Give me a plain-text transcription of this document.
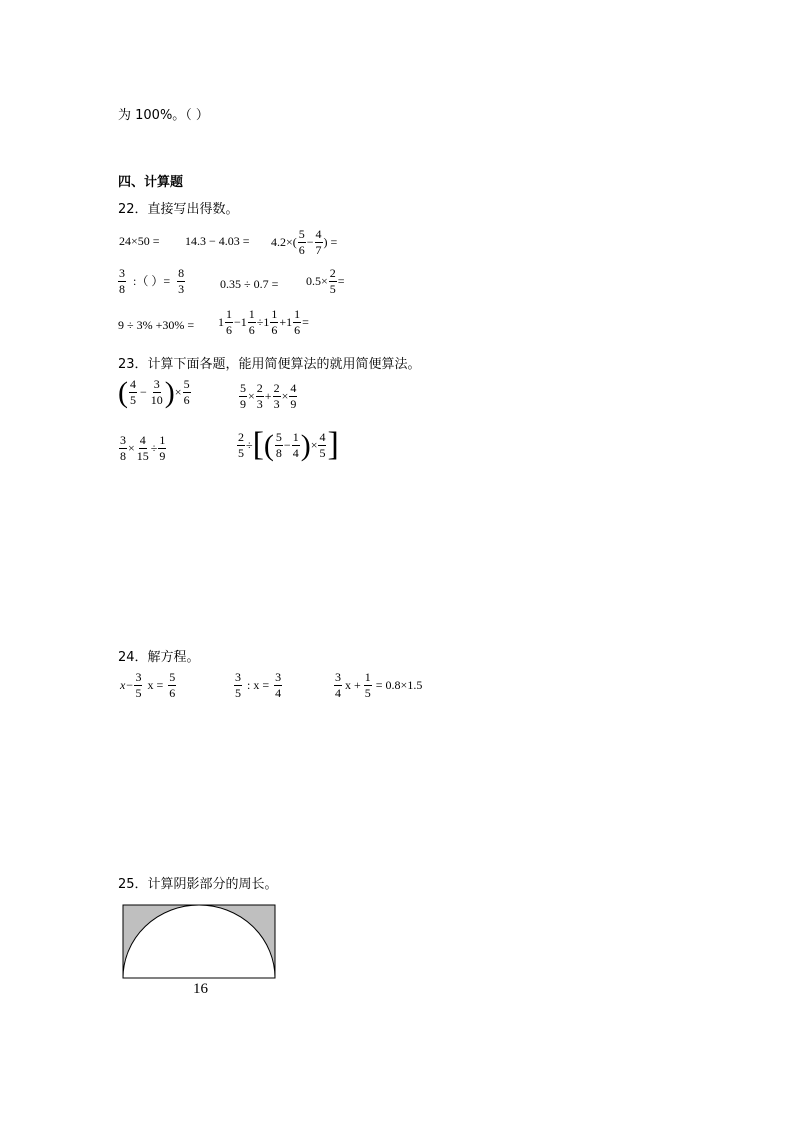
为 100%。（ ）
四、计算题
22．直接写出得数。
$24\times 50 = 14.3 - 4.03 = 4.2\times( \frac{5}{6} - \frac{4}{7}$ ) =
$\frac{3}{8}$ :（ ）= $\frac{8}{3}$	$0.35 \div 0.7 = 0.5\times \frac{2}{5}$ =
$9 \div 3\% +30\% = 1 \frac{1}{6} -1 \frac{1}{6} \div 1 \frac{1}{6} +1 \frac{1}{6}$ =
23．计算下面各题，能用简便算法的就用简便算法。
( $\frac{4}{5} - \frac{3}{10}$ ) × $\frac{5}{6}$	$\frac{5}{9} \times \frac{2}{3} + \frac{2}{3} \times \frac{4}{9}$
$\frac{3}{8} \times \frac{4}{15} \div \frac{1}{9}$	$\frac{2}{5}$ ÷ [ ( $\frac{5}{8} - \frac{1}{4}$ ) × $\frac{4}{5}$ ]
24．解方程。
$x- \frac{3}{5}$ $x = \frac{5}{6}$	$\frac{3}{5}$ : $x = \frac{3}{4}$	$\frac{3}{4}$ $x + \frac{1}{5} = 0.8\times 1.5$
25．计算阴影部分的周长。
16
